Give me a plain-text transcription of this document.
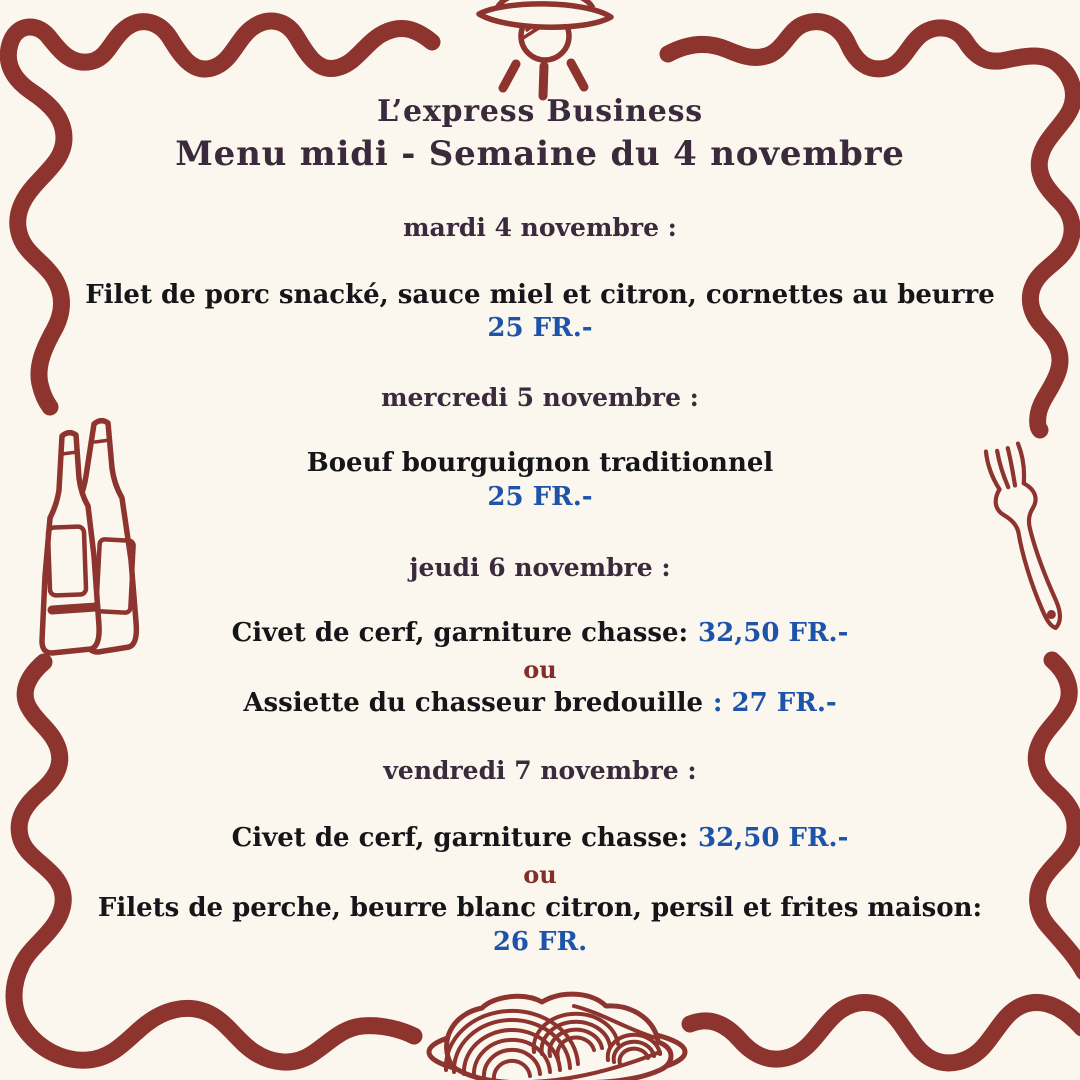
L’express Business

Menu midi - Semaine du 4 novembre

mardi 4 novembre :

Filet de porc snacké, sauce miel et citron, cornettes au beurre

25 FR.-

mercredi 5 novembre :

Boeuf bourguignon traditionnel

25 FR.-

jeudi 6 novembre :

Civet de cerf, garniture chasse: 32,50 FR.-

ou

Assiette du chasseur bredouille : 27 FR.-

vendredi 7 novembre :

Civet de cerf, garniture chasse: 32,50 FR.-

ou

Filets de perche, beurre blanc citron, persil et frites maison:

26 FR.
